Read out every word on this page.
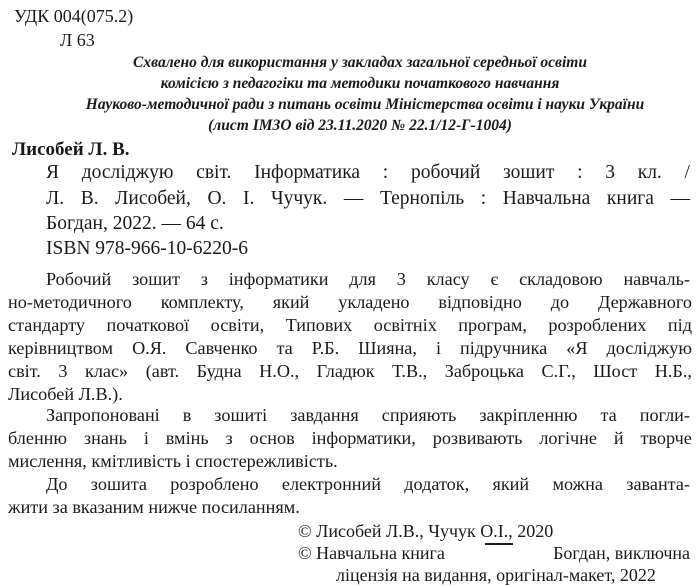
УДК 004(075.2)
Л 63
Схвалено для використання у закладах загальної середньої освіти
комісією з педагогіки та методики початкового навчання
Науково-методичної ради з питань освіти Міністерства освіти і науки України
(лист ІМЗО від 23.11.2020 № 22.1/12-Г-1004)
Лисобей Л. В.
Я досліджую світ. Інформатика : робочий зошит : 3 кл. /
Л. В. Лисобей, О. І. Чучук. — Тернопіль : Навчальна книга —
Богдан, 2022. — 64 с.
ISBN 978-966-10-6220-6
Робочий зошит з інформатики для 3 класу є складовою навчаль-
но-методичного комплекту, який укладено відповідно до Державного
стандарту початкової освіти, Типових освітніх програм, розроблених під
керівництвом О.Я. Савченко та Р.Б. Шияна, і підручника «Я досліджую
світ. 3 клас» (авт. Будна Н.О., Гладюк Т.В., Заброцька С.Г., Шост Н.Б.,
Лисобей Л.В.).
Запропоновані в зошиті завдання сприяють закріпленню та погли-
бленню знань і вмінь з основ інформатики, розвивають логічне й творче
мислення, кмітливість і спостережливість.
До зошита розроблено електронний додаток, який можна заванта-
жити за вказаним нижче посиланням.
© Лисобей Л.В., Чучук О.І., 2020
© Навчальна книга	Богдан, виключна
ліцензія на видання, оригінал-макет, 2022
